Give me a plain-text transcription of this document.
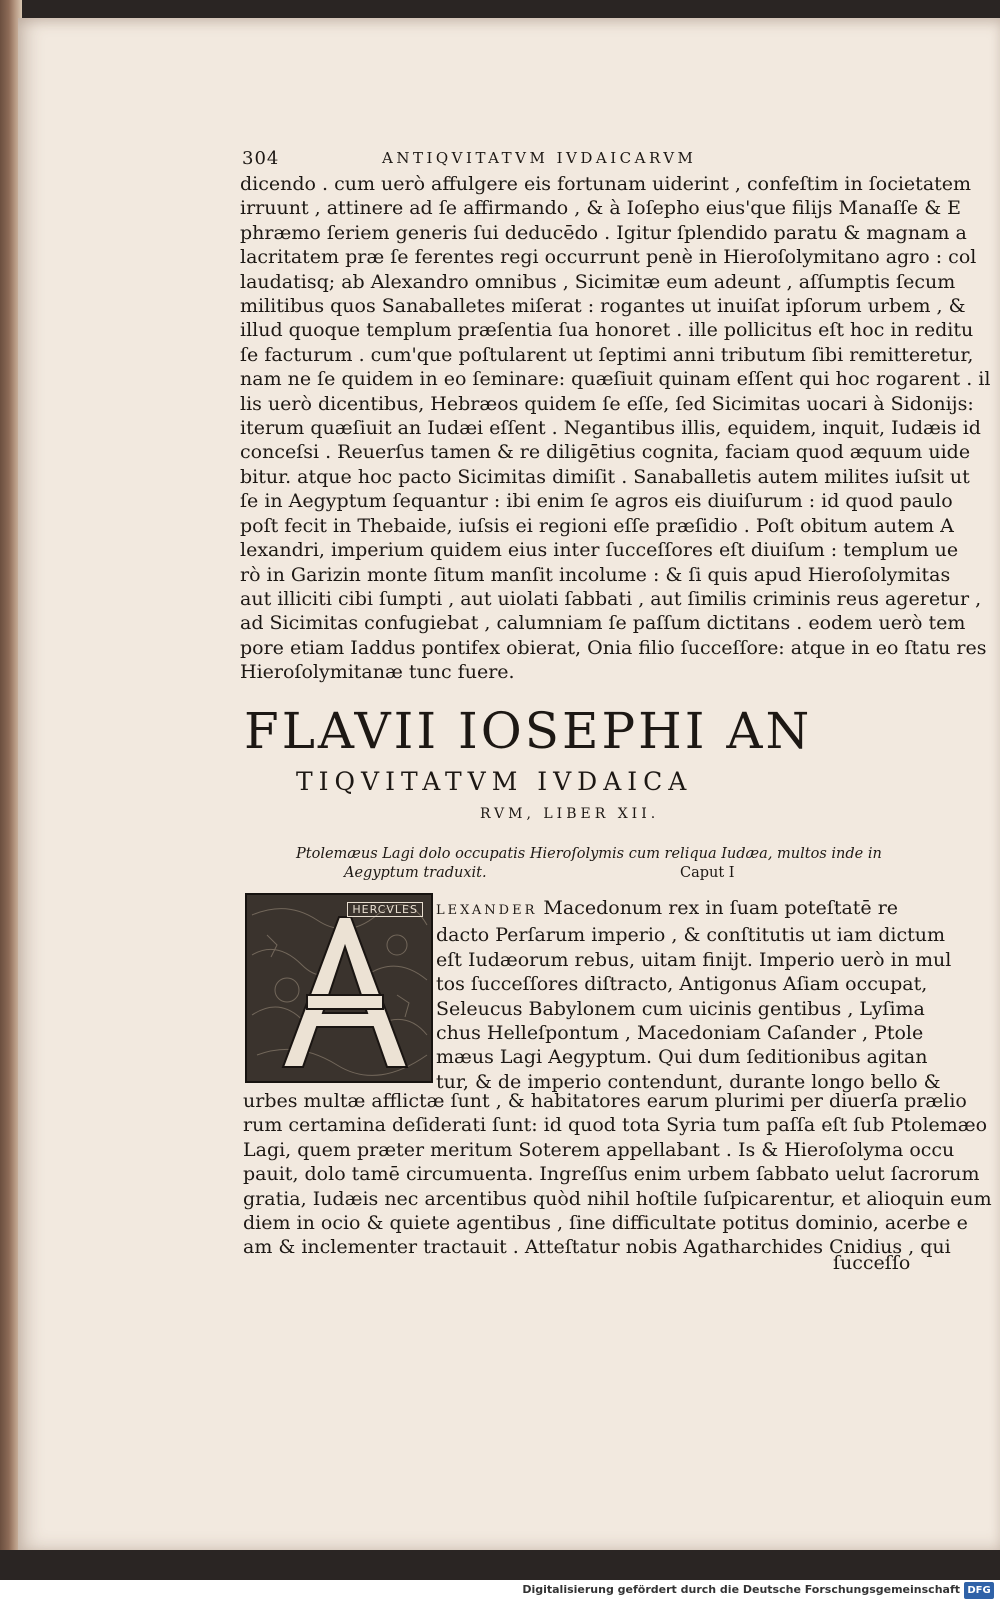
304	ANTIQVITATVM IVDAICARVM
dicendo . cum uerò affulgere eis fortunam uiderint , confeſtim in ſocietatem
irruunt , attinere ad ſe affirmando , & à Ioſepho eius'que filijs Manaſſe & E
phræmo ſeriem generis ſui deducēdo . Igitur ſplendido paratu & magnam a
lacritatem præ ſe ferentes regi occurrunt penè in Hieroſolymitano agro : col
laudatisq; ab Alexandro omnibus , Sicimitæ eum adeunt , aſſumptis ſecum
militibus quos Sanaballetes miſerat : rogantes ut inuiſat ipſorum urbem , &
illud quoque templum præſentia ſua honoret . ille pollicitus eſt hoc in reditu
ſe facturum . cum'que poſtularent ut ſeptimi anni tributum ſibi remitteretur,
nam ne ſe quidem in eo ſeminare: quæſiuit quinam eſſent qui hoc rogarent . il
lis uerò dicentibus, Hebræos quidem ſe eſſe, ſed Sicimitas uocari à Sidonijs:
iterum quæſiuit an Iudæi eſſent . Negantibus illis, equidem, inquit, Iudæis id
conceſsi . Reuerſus tamen & re diligētius cognita, faciam quod æquum uide
bitur. atque hoc pacto Sicimitas dimiſit . Sanaballetis autem milites iuſsit ut
ſe in Aegyptum ſequantur : ibi enim ſe agros eis diuiſurum : id quod paulo
poſt fecit in Thebaide, iuſsis ei regioni eſſe præſidio . Poſt obitum autem A
lexandri, imperium quidem eius inter ſucceſſores eſt diuiſum : templum ue
rò in Garizin monte ſitum manſit incolume : & ſi quis apud Hieroſolymitas
aut illiciti cibi ſumpti , aut uiolati ſabbati , aut ſimilis criminis reus ageretur ,
ad Sicimitas confugiebat , calumniam ſe paſſum dictitans . eodem uerò tem
pore etiam Iaddus pontifex obierat, Onia filio ſucceſſore: atque in eo ſtatu res
Hieroſolymitanæ tunc fuere.
FLAVII IOSEPHI AN
TIQVITATVM IVDAICA
RVM, LIBER XII.
Ptolemæus Lagi dolo occupatis Hieroſolymis cum reliqua Iudæa, multos inde in
Aegyptum traduxit.	Caput I
HERCVLES	LEXANDER Macedonum rex in ſuam poteſtatē re
dacto Perſarum imperio , & conſtitutis ut iam dictum
eſt Iudæorum rebus, uitam finijt. Imperio uerò in mul
tos ſucceſſores diſtracto, Antigonus Aſiam occupat,
Seleucus Babylonem cum uicinis gentibus , Lyſima
chus Helleſpontum , Macedoniam Caſander , Ptole
mæus Lagi Aegyptum. Qui dum ſeditionibus agitan
tur, & de imperio contendunt, durante longo bello &
urbes multæ afflictæ ſunt , & habitatores earum plurimi per diuerſa prælio
rum certamina deſiderati ſunt: id quod tota Syria tum paſſa eſt ſub Ptolemæo
Lagi, quem præter meritum Soterem appellabant . Is & Hieroſolyma occu
pauit, dolo tamē circumuenta. Ingreſſus enim urbem ſabbato uelut ſacrorum
gratia, Iudæis nec arcentibus quòd nihil hoſtile ſuſpicarentur, et alioquin eum
diem in ocio & quiete agentibus , ſine difficultate potitus dominio, acerbe e
am & inclementer tractauit . Atteſtatur nobis Agatharchides Cnidius , qui
ſucceſſo
Digitalisierung gefördert durch die Deutsche Forschungsgemeinschaft DFG
